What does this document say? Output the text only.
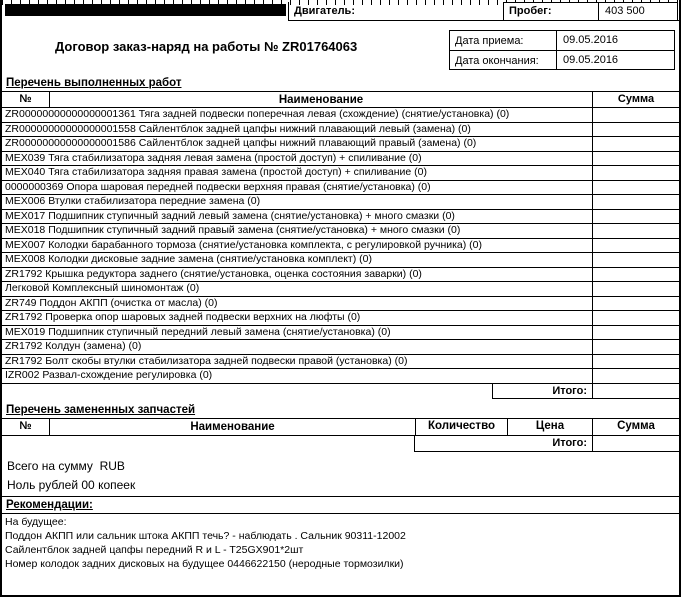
Двигатель:	Пробег:	403 500
Договор заказ-наряд на работы № ZR01764063	Дата приема:	09.05.2016
Дата окончания:	09.05.2016
Перечень выполненных работ
№	Наименование	Сумма
ZR00000000000000001361 Тяга задней подвески поперечная левая (схождение) (снятие/установка) (0)
ZR00000000000000001558 Сайлентблок задней цапфы нижний плавающий левый (замена) (0)
ZR00000000000000001586 Сайлентблок задней цапфы нижний плавающий правый (замена) (0)
MEX039 Тяга стабилизатора задняя левая замена (простой доступ) + спиливание (0)
MEX040 Тяга стабилизатора задняя правая замена (простой доступ) + спиливание (0)
0000000369 Опора шаровая передней подвески верхняя правая (снятие/установка) (0)
MEX006 Втулки стабилизатора передние замена (0)
MEX017 Подшипник ступичный задний левый замена (снятие/установка) + много смазки (0)
MEX018 Подшипник ступичный задний правый замена (снятие/установка) + много смазки (0)
MEX007 Колодки барабанного тормоза (снятие/установка комплекта, с регулировкой ручника) (0)
MEX008 Колодки дисковые задние замена (снятие/установка комплект) (0)
ZR1792 Крышка редуктора заднего (снятие/установка, оценка состояния заварки) (0)
Легковой Комплексный шиномонтаж (0)
ZR749 Поддон АКПП (очистка от масла) (0)
ZR1792 Проверка опор шаровых задней подвески верхних на люфты (0)
MEX019 Подшипник ступичный передний левый замена (снятие/установка) (0)
ZR1792 Колдун (замена) (0)
ZR1792 Болт скобы втулки стабилизатора задней подвески правой (установка) (0)
IZR002 Развал-схождение регулировка (0)
Итого:
Перечень замененных запчастей
№	Наименование	Количество	Цена	Сумма
Итого:
Всего на сумму  RUB
Ноль рублей 00 копеек
Рекомендации:
На будущее:
Поддон АКПП или сальник штока АКПП течь? - наблюдать . Сальник 90311-12002
Сайлентблок задней цапфы передний R и L - T25GX901*2шт
Номер колодок задних дисковых на будущее 0446622150 (неродные тормозилки)
